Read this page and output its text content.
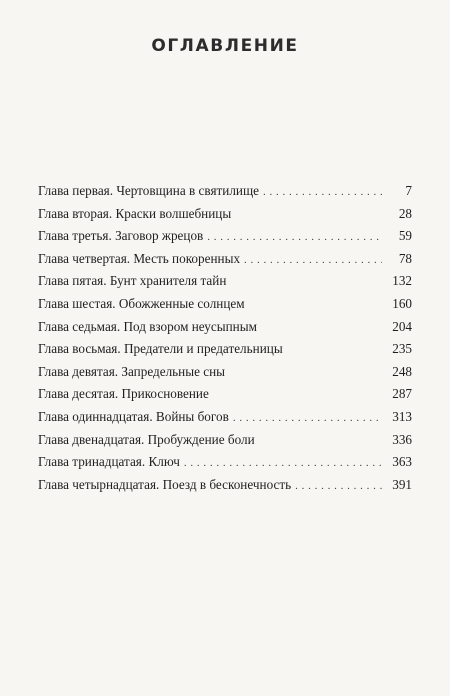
ОГЛАВЛЕНИЕ
Глава первая. Чертовщина в святилище . . .	7
Глава вторая. Краски волшебницы	28
Глава третья. Заговор жрецов . . .	59
Глава четвертая. Месть покоренных . . .	78
Глава пятая. Бунт хранителя тайн	132
Глава шестая. Обожженные солнцем	160
Глава седьмая. Под взором неусыпным	204
Глава восьмая. Предатели и предательницы	235
Глава девятая. Запредельные сны	248
Глава десятая. Прикосновение	287
Глава одиннадцатая. Войны богов . . .	313
Глава двенадцатая. Пробуждение боли	336
Глава тринадцатая. Ключ . . .	363
Глава четырнадцатая. Поезд в бесконечность . . .	391
